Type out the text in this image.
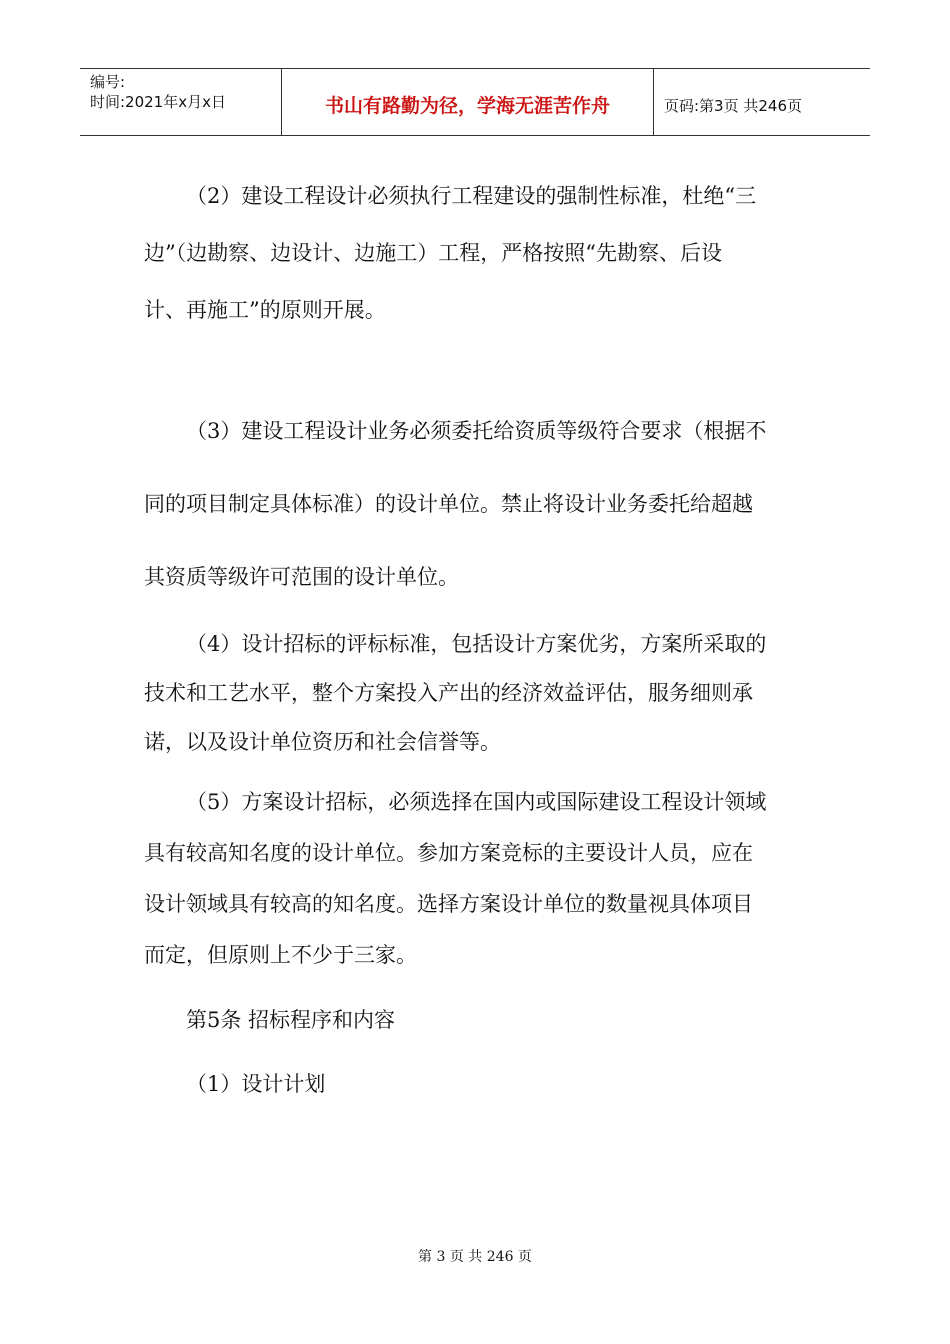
编号:
时间:2021年x月x日	书山有路勤为径，学海无涯苦作舟	页码:第3页 共246页
（2）建设工程设计必须执行工程建设的强制性标准，杜绝“三
边”（边勘察、边设计、边施工）工程，严格按照“先勘察、后设
计、再施工”的原则开展。
（3）建设工程设计业务必须委托给资质等级符合要求（根据不
同的项目制定具体标准）的设计单位。禁止将设计业务委托给超越
其资质等级许可范围的设计单位。
（4）设计招标的评标标准，包括设计方案优劣，方案所采取的
技术和工艺水平，整个方案投入产出的经济效益评估，服务细则承
诺，以及设计单位资历和社会信誉等。
（5）方案设计招标，必须选择在国内或国际建设工程设计领域
具有较高知名度的设计单位。参加方案竞标的主要设计人员，应在
设计领域具有较高的知名度。选择方案设计单位的数量视具体项目
而定，但原则上不少于三家。
第5条 招标程序和内容
（1）设计计划
第 3 页 共 246 页
